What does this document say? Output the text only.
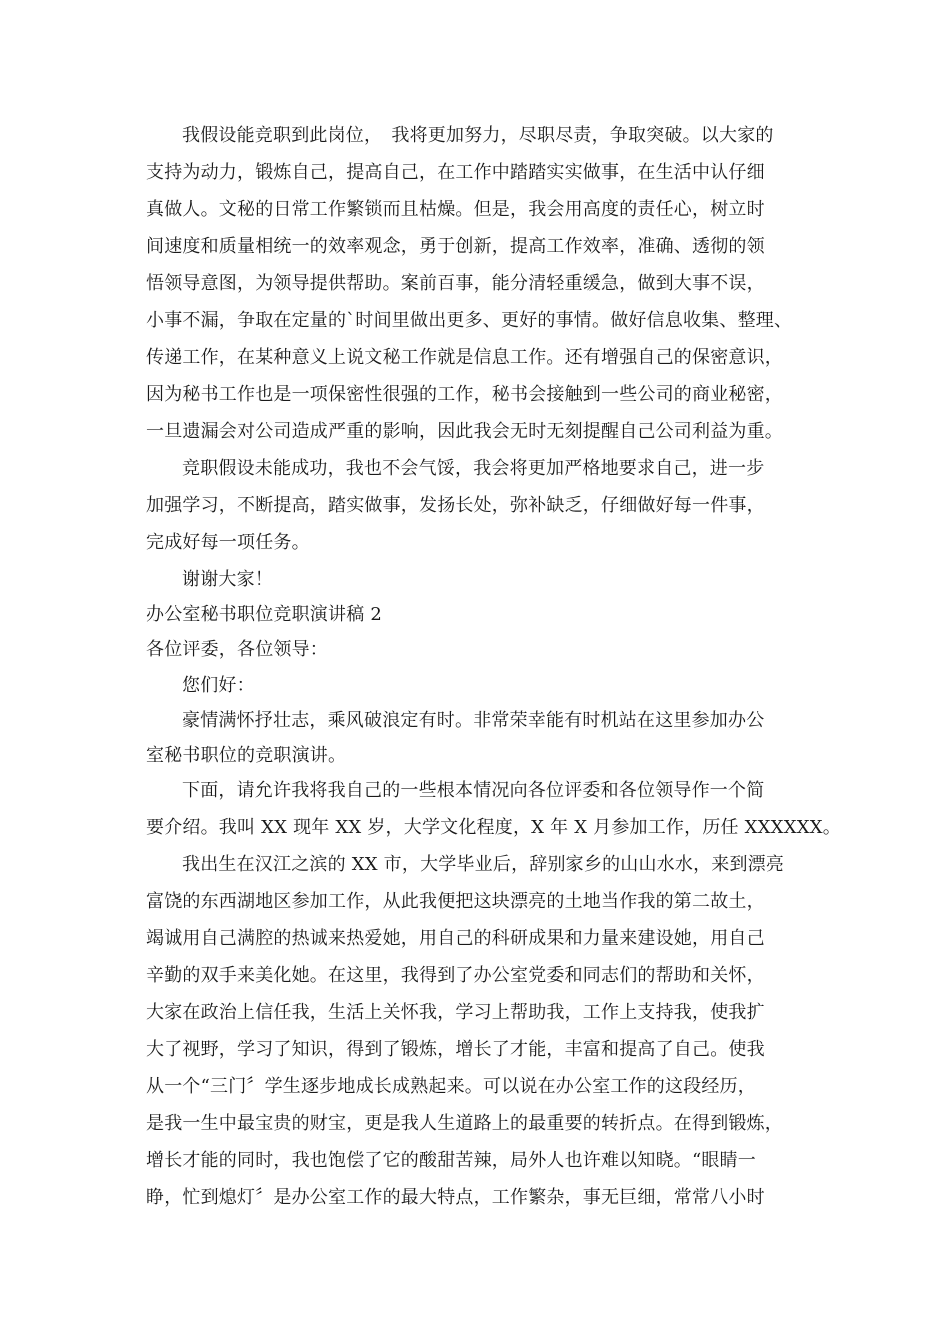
我假设能竞职到此岗位，　我将更加努力，尽职尽责，争取突破。以大家的
支持为动力，锻炼自己，提高自己，在工作中踏踏实实做事，在生活中认仔细
真做人。文秘的日常工作繁锁而且枯燥。但是，我会用高度的责任心，树立时
间速度和质量相统一的效率观念，勇于创新，提高工作效率，准确、透彻的领
悟领导意图，为领导提供帮助。案前百事，能分清轻重缓急，做到大事不误，
小事不漏，争取在定量的`时间里做出更多、更好的事情。做好信息收集、整理、
传递工作，在某种意义上说文秘工作就是信息工作。还有增强自己的保密意识，
因为秘书工作也是一项保密性很强的工作，秘书会接触到一些公司的商业秘密，
一旦遗漏会对公司造成严重的影响，因此我会无时无刻提醒自己公司利益为重。
竞职假设未能成功，我也不会气馁，我会将更加严格地要求自己，进一步
加强学习，不断提高，踏实做事，发扬长处，弥补缺乏，仔细做好每一件事，
完成好每一项任务。
谢谢大家！
办公室秘书职位竞职演讲稿 2
各位评委，各位领导：
您们好：
豪情满怀抒壮志，乘风破浪定有时。非常荣幸能有时机站在这里参加办公
室秘书职位的竞职演讲。
下面，请允许我将我自己的一些根本情况向各位评委和各位领导作一个简
要介绍。我叫 XX 现年 XX 岁，大学文化程度，X 年 X 月参加工作，历任 XXXXXX。
我出生在汉江之滨的 XX 市，大学毕业后，辞别家乡的山山水水，来到漂亮
富饶的东西湖地区参加工作，从此我便把这块漂亮的土地当作我的第二故土，
竭诚用自己满腔的热诚来热爱她，用自己的科研成果和力量来建设她，用自己
辛勤的双手来美化她。在这里，我得到了办公室党委和同志们的帮助和关怀，
大家在政治上信任我，生活上关怀我，学习上帮助我，工作上支持我，使我扩
大了视野，学习了知识，得到了锻炼，增长了才能，丰富和提高了自己。使我
从一个“三门〞学生逐步地成长成熟起来。可以说在办公室工作的这段经历，
是我一生中最宝贵的财宝，更是我人生道路上的最重要的转折点。在得到锻炼，
增长才能的同时，我也饱偿了它的酸甜苦辣，局外人也许难以知晓。“眼睛一
睁，忙到熄灯〞是办公室工作的最大特点，工作繁杂，事无巨细，常常八小时
